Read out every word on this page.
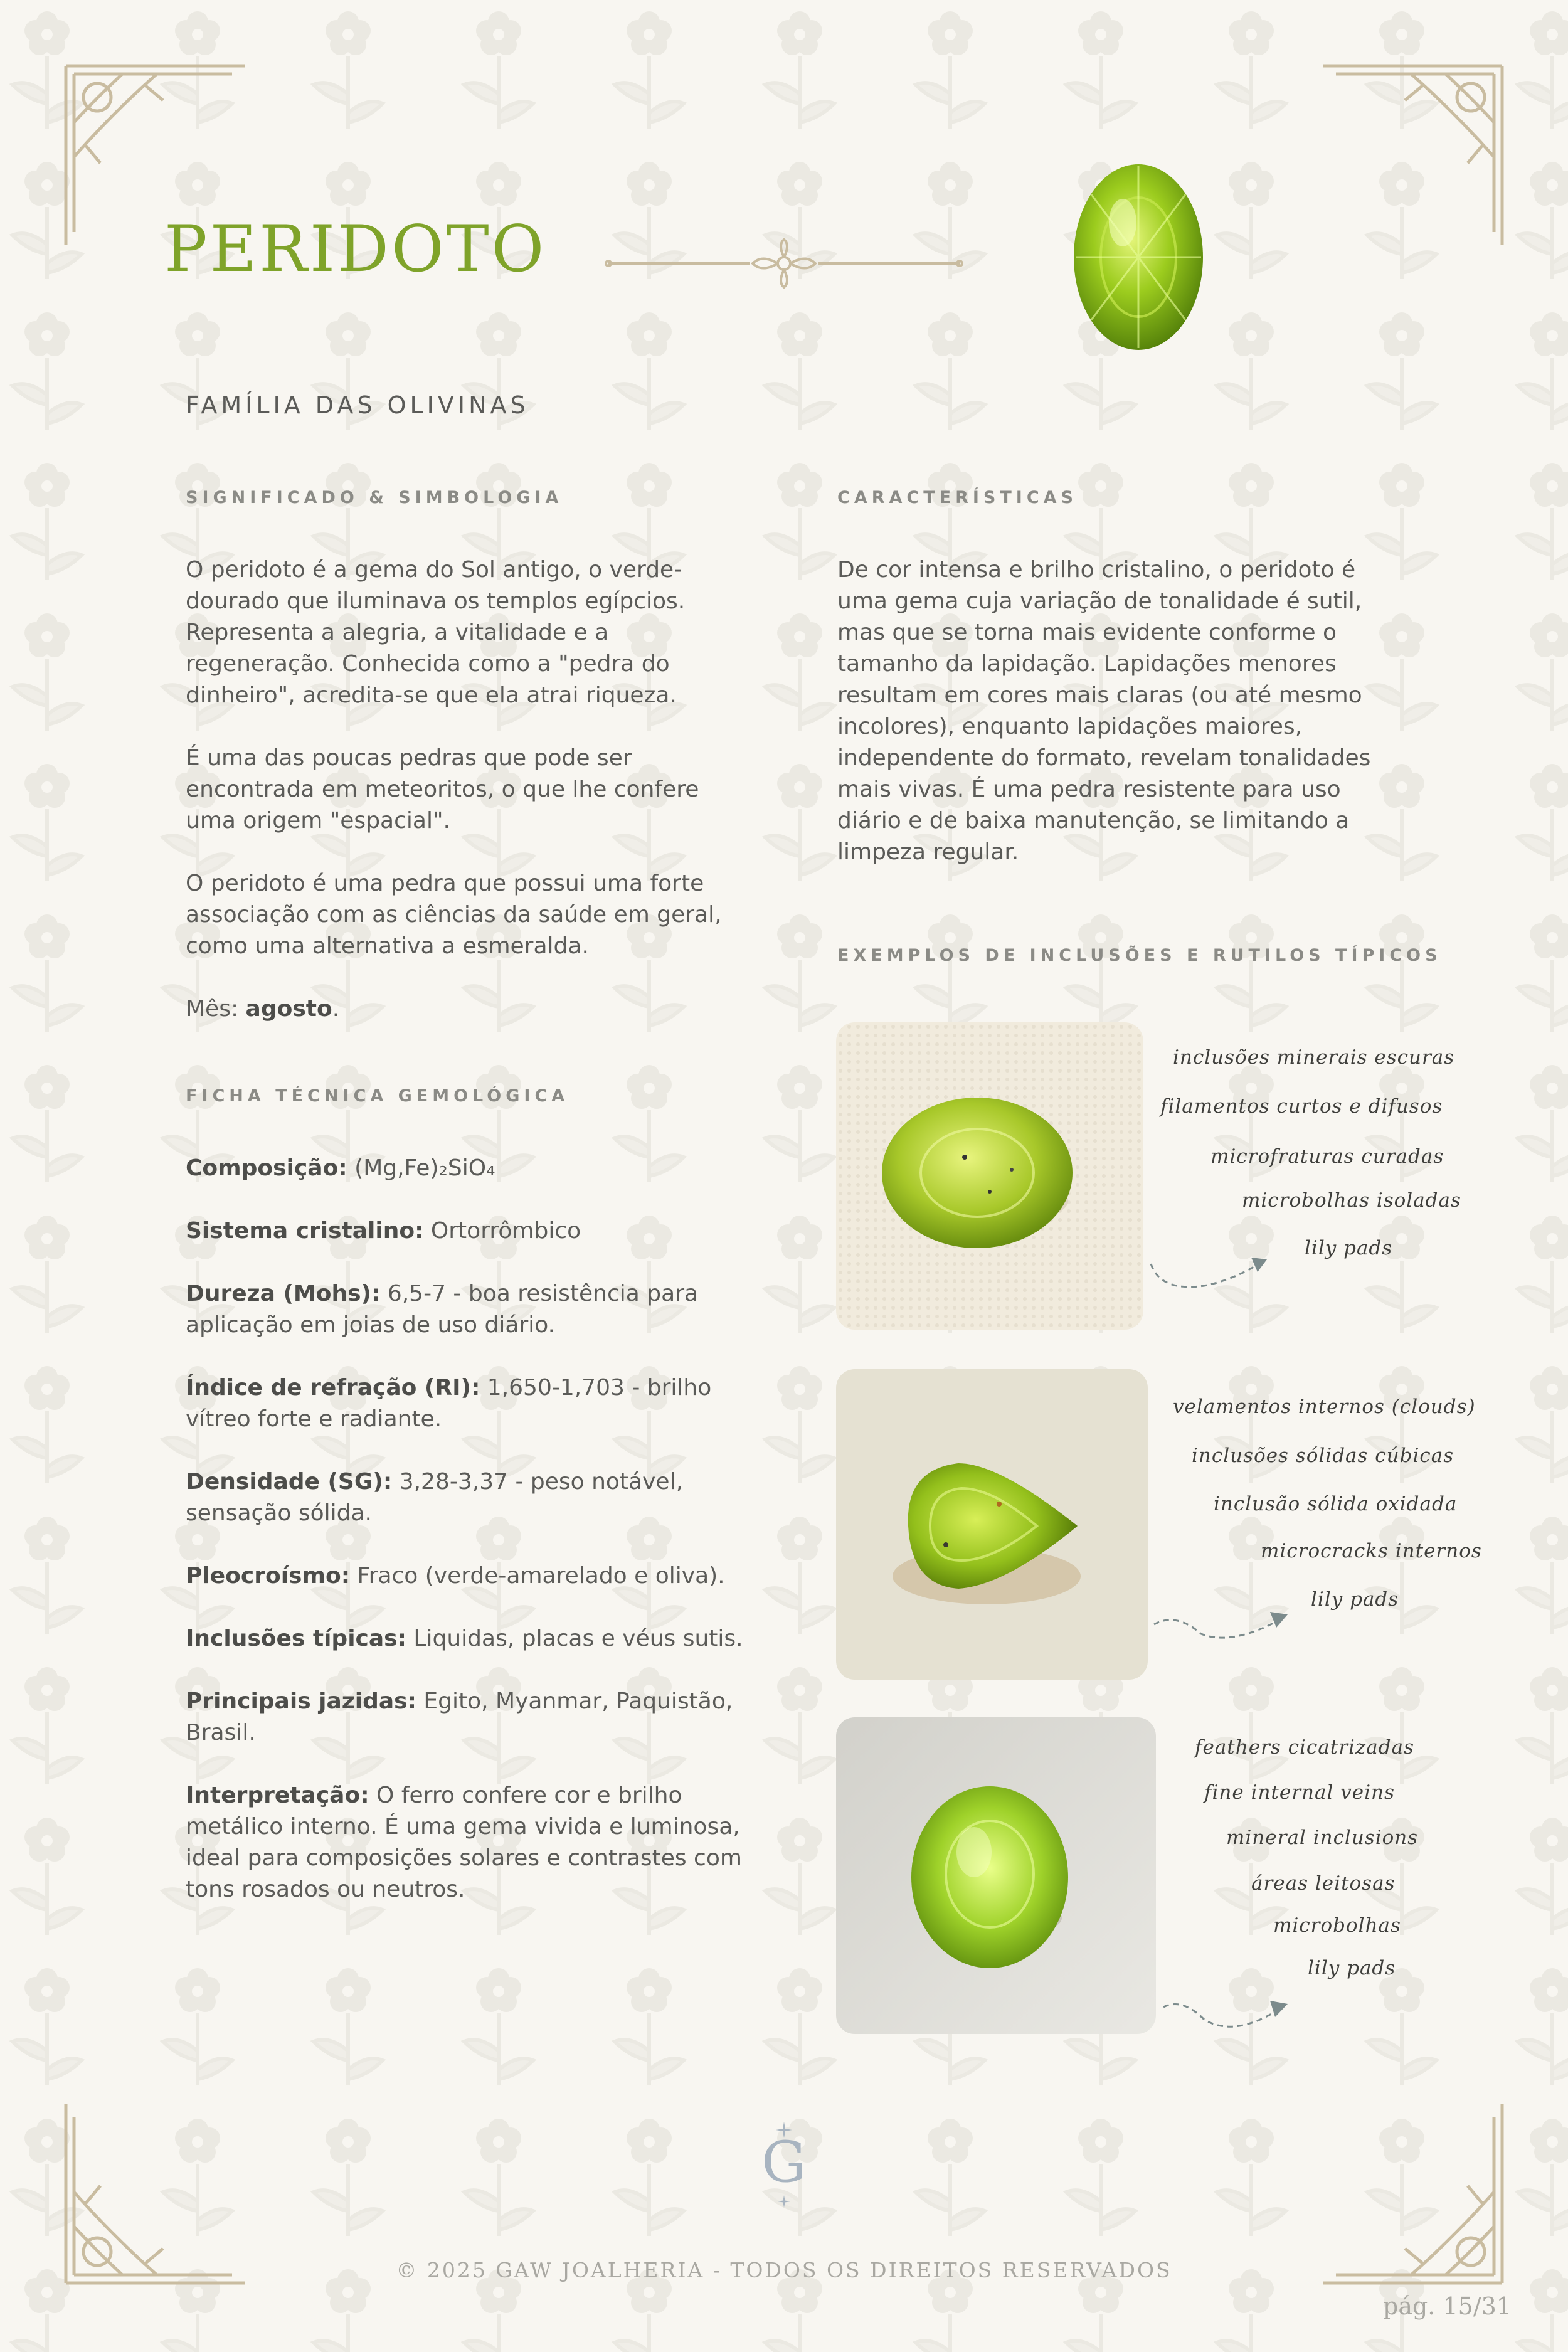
PERIDOTO
FAMÍLIA DAS OLIVINAS
SIGNIFICADO & SIMBOLOGIA

O peridoto é a gema do Sol antigo, o verde-dourado que iluminava os templos egípcios. Representa a alegria, a vitalidade e a regeneração. Conhecida como a "pedra do dinheiro", acredita-se que ela atrai riqueza.

É uma das poucas pedras que pode ser encontrada em meteoritos, o que lhe confere uma origem "espacial".

O peridoto é uma pedra que possui uma forte associação com as ciências da saúde em geral, como uma alternativa a esmeralda.

Mês: agosto.

FICHA TÉCNICA GEMOLÓGICA

Composição: (Mg,Fe)₂SiO₄

Sistema cristalino: Ortorrômbico

Dureza (Mohs): 6,5-7 - boa resistência para aplicação em joias de uso diário.

Índice de refração (RI): 1,650-1,703 - brilho vítreo forte e radiante.

Densidade (SG): 3,28-3,37 - peso notável, sensação sólida.

Pleocroísmo: Fraco (verde-amarelado e oliva).

Inclusões típicas: Liquidas, placas e véus sutis.

Principais jazidas: Egito, Myanmar, Paquistão, Brasil.

Interpretação: O ferro confere cor e brilho metálico interno. É uma gema vivida e luminosa, ideal para composições solares e contrastes com tons rosados ou neutros.

CARACTERÍSTICAS
De cor intensa e brilho cristalino, o peridoto é uma gema cuja variação de tonalidade é sutil, mas que se torna mais evidente conforme o tamanho da lapidação. Lapidações menores resultam em cores mais claras (ou até mesmo incolores), enquanto lapidações maiores, independente do formato, revelam tonalidades mais vivas. É uma pedra resistente para uso diário e de baixa manutenção, se limitando a limpeza regular.
EXEMPLOS DE INCLUSÕES E RUTILOS TÍPICOS
inclusões minerais escuras
filamentos curtos e difusos
microfraturas curadas
microbolhas isoladas
lily pads
velamentos internos (clouds)
inclusões sólidas cúbicas
inclusão sólida oxidada
microcracks internos
lily pads
feathers cicatrizadas
fine internal veins
mineral inclusions
áreas leitosas
microbolhas
lily pads
G
© 2025 GAW JOALHERIA - TODOS OS DIREITOS RESERVADOS
pág. 15/31
